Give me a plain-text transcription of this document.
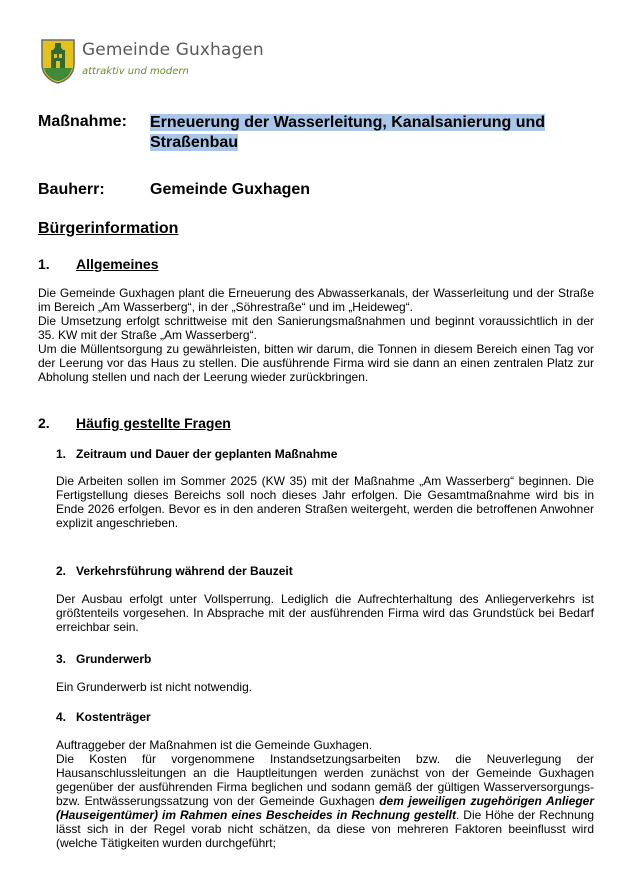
Gemeinde Guxhagen
attraktiv und modern
Maßnahme: Erneuerung der Wasserleitung, Kanalsanierung und Straßenbau
Bauherr:	Gemeinde Guxhagen
Bürgerinformation
1. Allgemeines
Die Gemeinde Guxhagen plant die Erneuerung des Abwasserkanals, der Wasserleitung und der Straße im Bereich „Am Wasserberg“, in der „Söhrestraße“ und im „Heideweg“.
Die Umsetzung erfolgt schrittweise mit den Sanierungsmaßnahmen und beginnt voraussichtlich in der 35. KW mit der Straße „Am Wasserberg“.
Um die Müllentsorgung zu gewährleisten, bitten wir darum, die Tonnen in diesem Bereich einen Tag vor der Leerung vor das Haus zu stellen. Die ausführende Firma wird sie dann an einen zentralen Platz zur Abholung stellen und nach der Leerung wieder zurückbringen.
2. Häufig gestellte Fragen
1. Zeitraum und Dauer der geplanten Maßnahme
Die Arbeiten sollen im Sommer 2025 (KW 35) mit der Maßnahme „Am Wasserberg“ beginnen. Die Fertigstellung dieses Bereichs soll noch dieses Jahr erfolgen. Die Gesamtmaßnahme wird bis in Ende 2026 erfolgen. Bevor es in den anderen Straßen weitergeht, werden die betroffenen Anwohner explizit angeschrieben.
2. Verkehrsführung während der Bauzeit
Der Ausbau erfolgt unter Vollsperrung. Lediglich die Aufrechterhaltung des Anliegerverkehrs ist größtenteils vorgesehen. In Absprache mit der ausführenden Firma wird das Grundstück bei Bedarf erreichbar sein.
3. Grunderwerb
Ein Grunderwerb ist nicht notwendig.
4. Kostenträger
Auftraggeber der Maßnahmen ist die Gemeinde Guxhagen.
Die Kosten für vorgenommene Instandsetzungsarbeiten bzw. die Neuverlegung der Hausanschlussleitungen an die Hauptleitungen werden zunächst von der Gemeinde Guxhagen gegenüber der ausführenden Firma beglichen und sodann gemäß der gültigen Wasserversorgungs- bzw. Entwässerungssatzung von der Gemeinde Guxhagen dem jeweiligen zugehörigen Anlieger (Hauseigentümer) im Rahmen eines Bescheides in Rechnung gestellt. Die Höhe der Rechnung lässt sich in der Regel vorab nicht schätzen, da diese von mehreren Faktoren beeinflusst wird (welche Tätigkeiten wurden durchgeführt;
